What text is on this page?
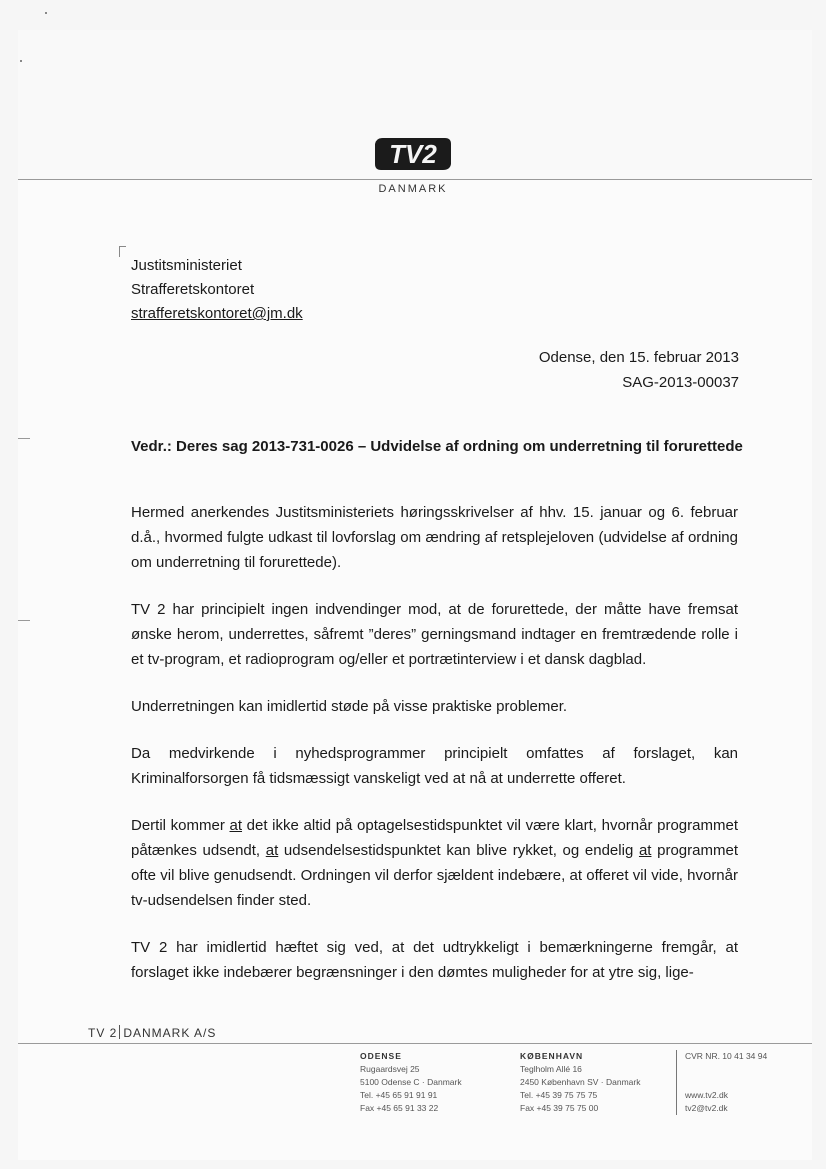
TV2
DANMARK
Justitsministeriet
Strafferetskontoret
strafferetskontoret@jm.dk
Odense, den 15. februar 2013
SAG-2013-00037
Vedr.: Deres sag 2013-731-0026 – Udvidelse af ordning om underretning til forurettede

Hermed anerkendes Justitsministeriets høringsskrivelser af hhv. 15. januar og 6. februar d.å., hvormed fulgte udkast til lovforslag om ændring af retsplejeloven (udvidelse af ordning om underretning til forurettede).

TV 2 har principielt ingen indvendinger mod, at de forurettede, der måtte have fremsat ønske herom, underrettes, såfremt ”deres” gerningsmand indtager en fremtrædende rolle i et tv-program, et radioprogram og/eller et portrætinterview i et dansk dagblad.

Underretningen kan imidlertid støde på visse praktiske problemer.

Da medvirkende i nyhedsprogrammer principielt omfattes af forslaget, kan Kriminalforsorgen få tidsmæssigt vanskeligt ved at nå at underrette offeret.

Dertil kommer at det ikke altid på optagelsestidspunktet vil være klart, hvornår programmet påtænkes udsendt, at udsendelsestidspunktet kan blive rykket, og endelig at programmet ofte vil blive genudsendt. Ordningen vil derfor sjældent indebære, at offeret vil vide, hvornår tv-udsendelsen finder sted.

TV 2 har imidlertid hæftet sig ved, at det udtrykkeligt i bemærkningerne fremgår, at forslaget ikke indebærer begrænsninger i den dømtes muligheder for at ytre sig, lige-

TV 2 DANMARK A/S
ODENSE
Rugaardsvej 25
5100 Odense C · Danmark
Tel. +45 65 91 91 91
Fax +45 65 91 33 22
KØBENHAVN
Teglholm Allé 16
2450 København SV · Danmark
Tel. +45 39 75 75 75
Fax +45 39 75 75 00
CVR NR. 10 41 34 94
www.tv2.dk
tv2@tv2.dk
